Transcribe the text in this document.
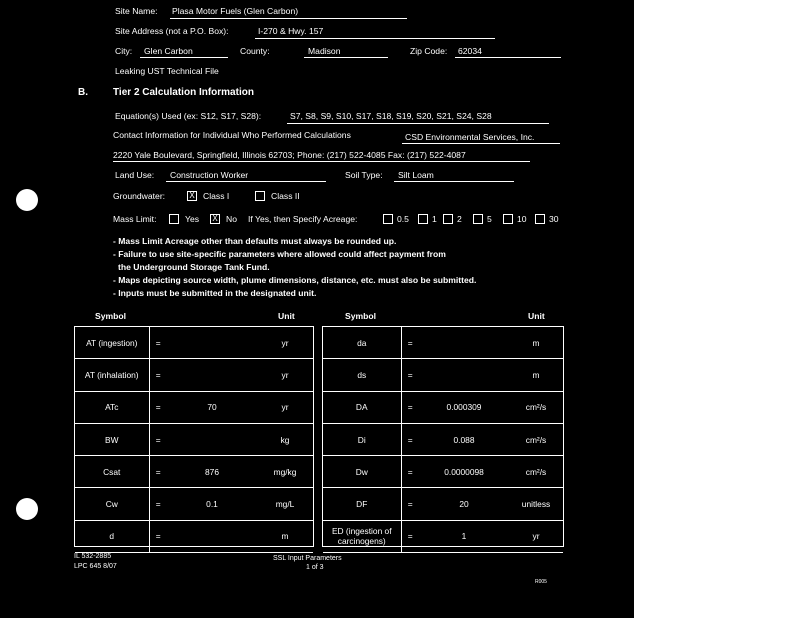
Site Name: Plasa Motor Fuels (Glen Carbon)
Site Address (not a P.O. Box):	I-270 & Hwy. 157
City: Glen Carbon	County:	Madison	Zip Code: 62034
Leaking UST Technical File
B.	Tier 2 Calculation Information
Equation(s) Used (ex: S12, S17, S28):	S7, S8, S9, S10, S17, S18, S19, S20, S21, S24, S28
Contact Information for Individual Who Performed Calculations	CSD Environmental Services, Inc.
2220 Yale Boulevard, Springfield, Illinois 62703; Phone: (217) 522-4085 Fax: (217) 522-4087
Land Use: Construction Worker	Soil Type: Silt Loam
Groundwater:	X Class I	Class II
Mass Limit:	Yes X No If Yes, then Specify Acreage:	0.5	1 2	5	10	30
- Mass Limit Acreage other than defaults must always be rounded up.
- Failure to use site-specific parameters where allowed could affect payment from
the Underground Storage Tank Fund.
- Maps depicting source width, plume dimensions, distance, etc. must also be submitted.
- Inputs must be submitted in the designated unit.
Symbol	Unit	Symbol	Unit
AT (ingestion)	=		yr
AT (inhalation)	=		yr
ATc	=	70	yr
BW	=		kg
Csat	=	876	mg/kg
Cw	=	0.1	mg/L
d	=		m
da	=		m
ds	=		m
DA	=	0.000309	cm²/s
Di	=	0.088	cm²/s
Dw	=	0.0000098	cm²/s
DF	=	20	unitless
ED (ingestion of carcinogens)	=	1	yr
IL 532-2885
LPC 645 8/07
SSL Input Parameters
1 of 3
R005
